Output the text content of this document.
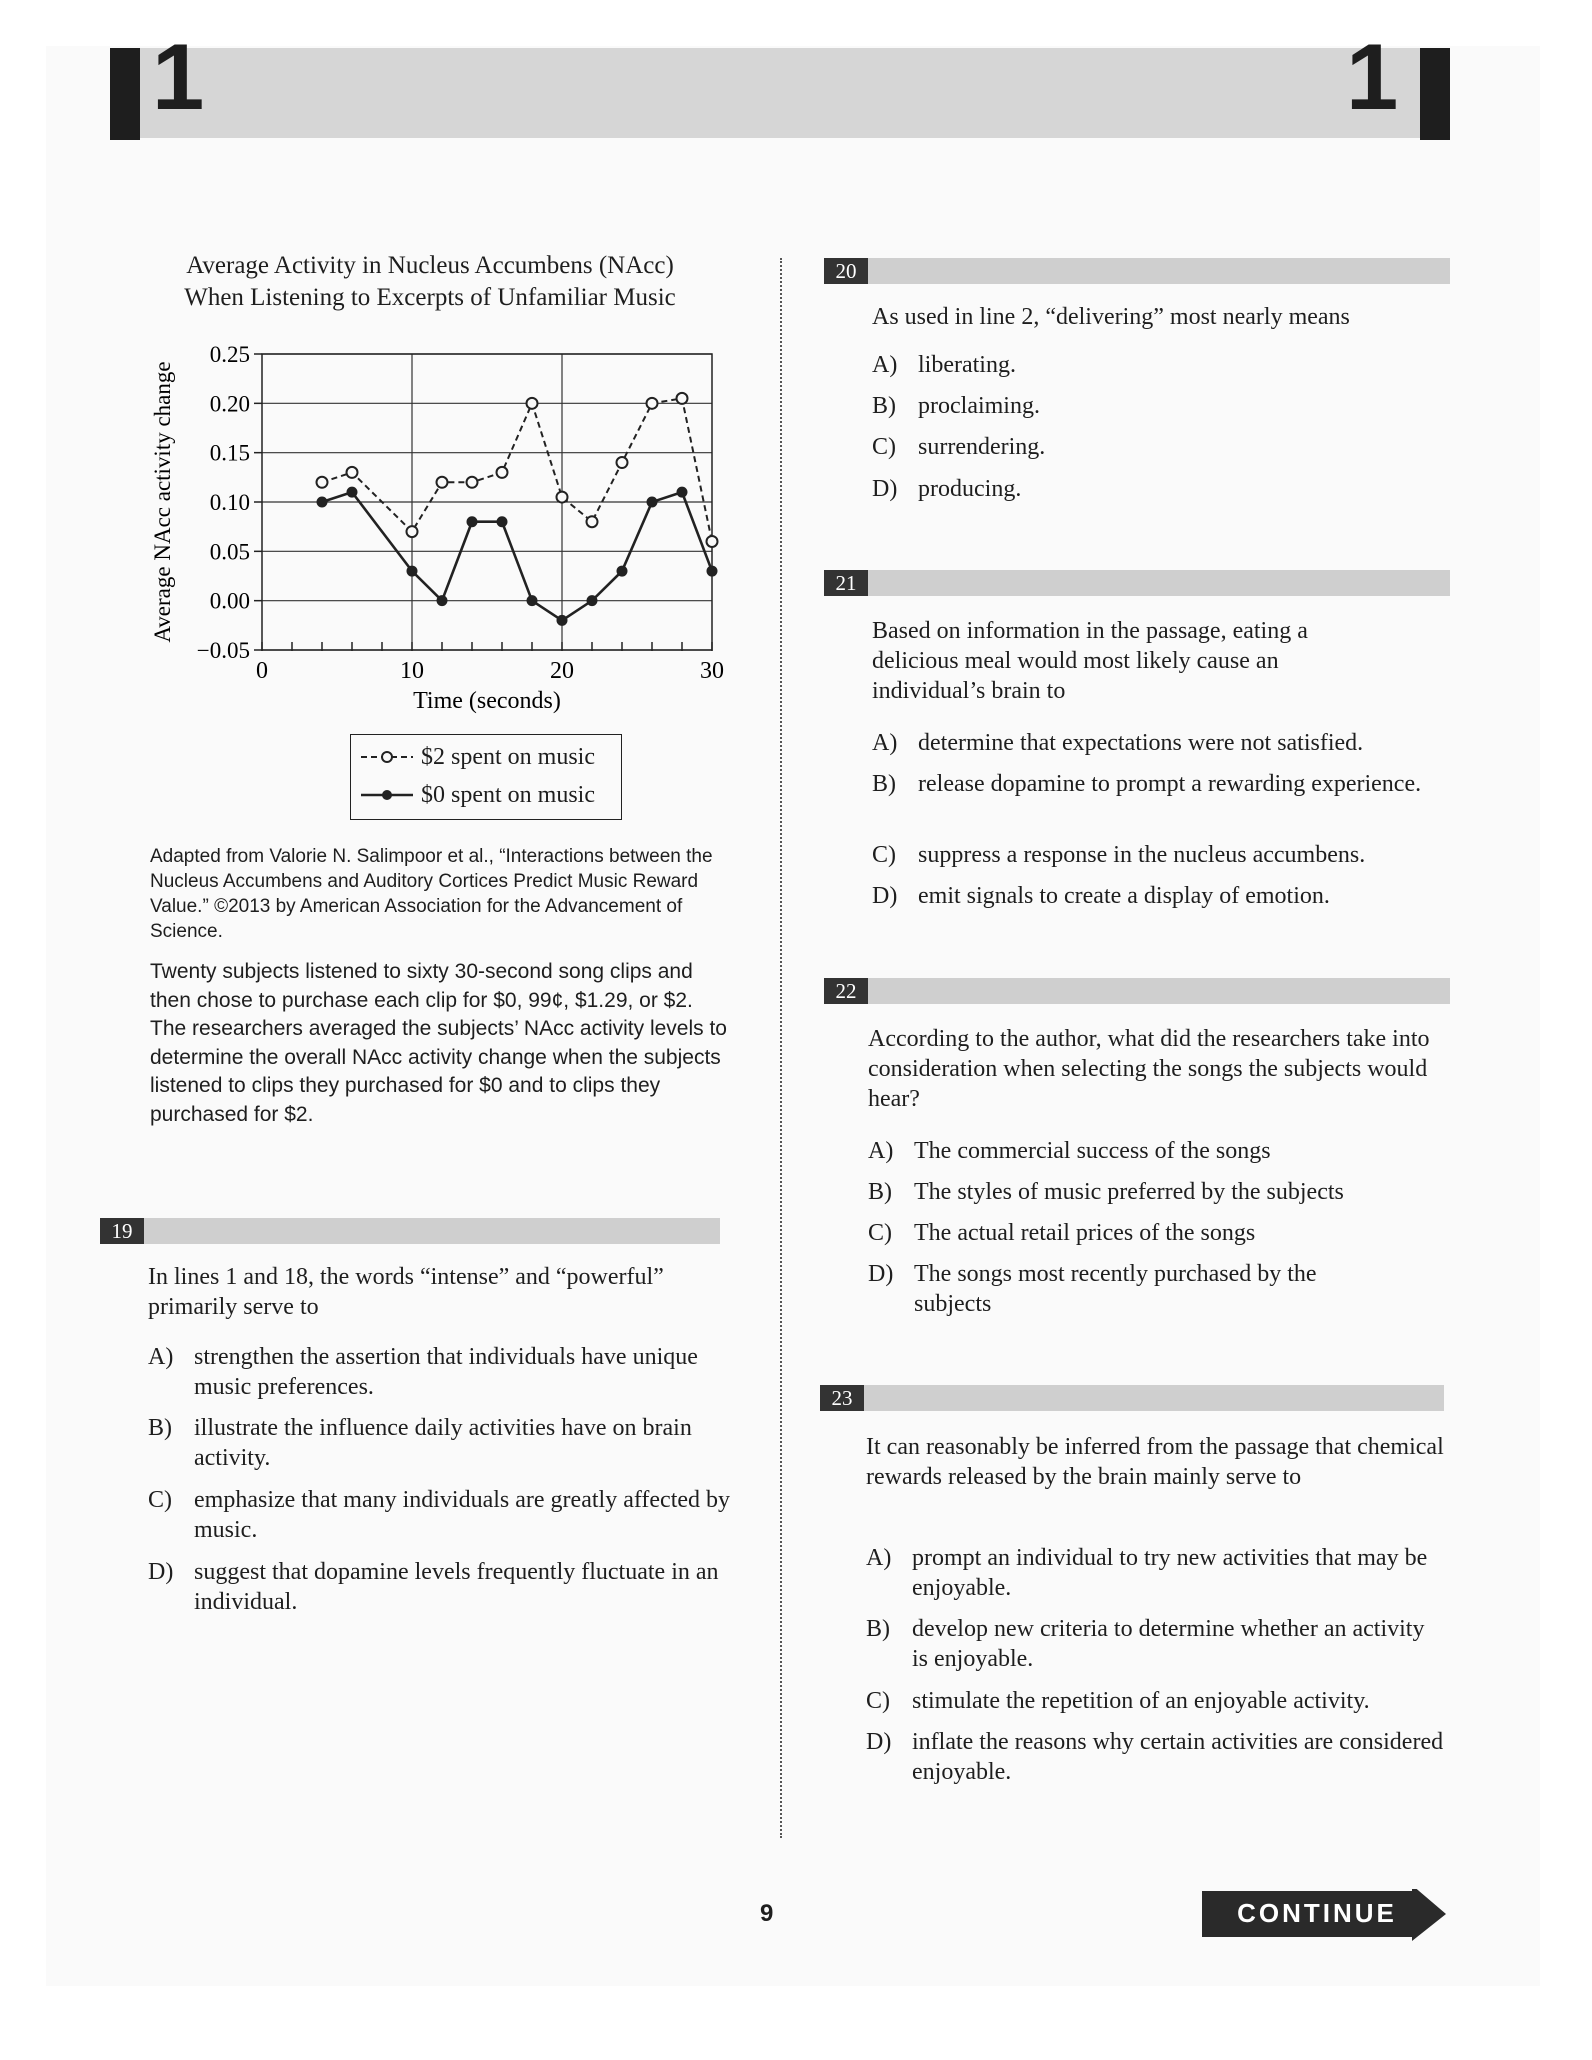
1	1
Average Activity in Nucleus Accumbens (NAcc)
When Listening to Excerpts of Unfamiliar Music
0.25
0.20
0.15
0.10
0.05
0.00
−0.05
0	10	20	30
Average NAcc activity change
Time (seconds)
$2 spent on music
$0 spent on music
Adapted from Valorie N. Salimpoor et al., “Interactions between the Nucleus Accumbens and Auditory Cortices Predict Music Reward Value.” ©2013 by American Association for the Advancement of Science.
Twenty subjects listened to sixty 30-second song clips and then chose to purchase each clip for $0, 99¢, $1.29, or $2. The researchers averaged the subjects’ NAcc activity levels to determine the overall NAcc activity change when the subjects listened to clips they purchased for $0 and to clips they purchased for $2.
19
In lines 1 and 18, the words “intense” and “powerful” primarily serve to
A) strengthen the assertion that individuals have unique music preferences.
B) illustrate the influence daily activities have on brain activity.
C) emphasize that many individuals are greatly affected by music.
D) suggest that dopamine levels frequently fluctuate in an individual.
20
As used in line 2, “delivering” most nearly means
A) liberating.
B) proclaiming.
C) surrendering.
D) producing.
21
Based on information in the passage, eating a delicious meal would most likely cause an individual’s brain to
A) determine that expectations were not satisfied.
B) release dopamine to prompt a rewarding experience.
C) suppress a response in the nucleus accumbens.
D) emit signals to create a display of emotion.
22
According to the author, what did the researchers take into consideration when selecting the songs the subjects would hear?
A) The commercial success of the songs
B) The styles of music preferred by the subjects
C) The actual retail prices of the songs
D) The songs most recently purchased by the subjects
23
It can reasonably be inferred from the passage that chemical rewards released by the brain mainly serve to
A) prompt an individual to try new activities that may be enjoyable.
B) develop new criteria to determine whether an activity is enjoyable.
C) stimulate the repetition of an enjoyable activity.
D) inflate the reasons why certain activities are considered enjoyable.
9	CONTINUE
